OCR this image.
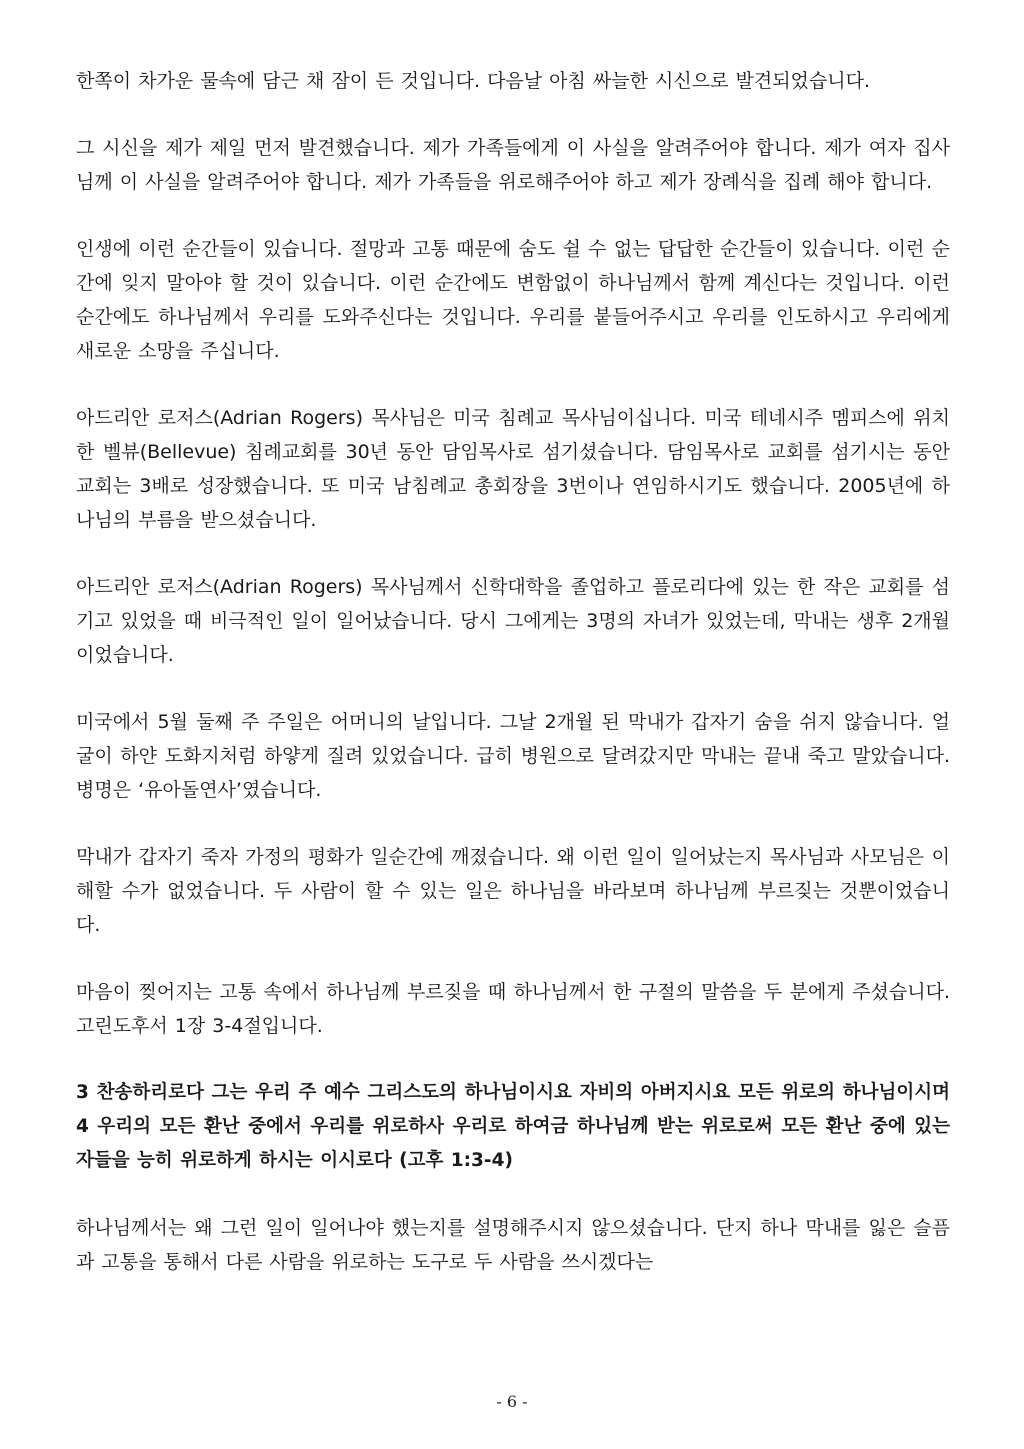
한쪽이 차가운 물속에 담근 채 잠이 든 것입니다. 다음날 아침 싸늘한 시신으로 발견되었습니다.

그 시신을 제가 제일 먼저 발견했습니다. 제가 가족들에게 이 사실을 알려주어야 합니다. 제가 여자 집사님께 이 사실을 알려주어야 합니다. 제가 가족들을 위로해주어야 하고 제가 장례식을 집례 해야 합니다.

인생에 이런 순간들이 있습니다. 절망과 고통 때문에 숨도 쉴 수 없는 답답한 순간들이 있습니다. 이런 순간에 잊지 말아야 할 것이 있습니다. 이런 순간에도 변함없이 하나님께서 함께 계신다는 것입니다. 이런 순간에도 하나님께서 우리를 도와주신다는 것입니다. 우리를 붙들어주시고 우리를 인도하시고 우리에게 새로운 소망을 주십니다.

아드리안 로저스(Adrian Rogers) 목사님은 미국 침례교 목사님이십니다. 미국 테네시주 멤피스에 위치한 벨뷰(Bellevue) 침례교회를 30년 동안 담임목사로 섬기셨습니다. 담임목사로 교회를 섬기시는 동안 교회는 3배로 성장했습니다. 또 미국 남침례교 총회장을 3번이나 연임하시기도 했습니다. 2005년에 하나님의 부름을 받으셨습니다.

아드리안 로저스(Adrian Rogers) 목사님께서 신학대학을 졸업하고 플로리다에 있는 한 작은 교회를 섬기고 있었을 때 비극적인 일이 일어났습니다. 당시 그에게는 3명의 자녀가 있었는데, 막내는 생후 2개월이었습니다.

미국에서 5월 둘째 주 주일은 어머니의 날입니다. 그날 2개월 된 막내가 갑자기 숨을 쉬지 않습니다. 얼굴이 하얀 도화지처럼 하얗게 질려 있었습니다. 급히 병원으로 달려갔지만 막내는 끝내 죽고 말았습니다. 병명은 ‘유아돌연사’였습니다.

막내가 갑자기 죽자 가정의 평화가 일순간에 깨졌습니다. 왜 이런 일이 일어났는지 목사님과 사모님은 이해할 수가 없었습니다. 두 사람이 할 수 있는 일은 하나님을 바라보며 하나님께 부르짖는 것뿐이었습니다.

마음이 찢어지는 고통 속에서 하나님께 부르짖을 때 하나님께서 한 구절의 말씀을 두 분에게 주셨습니다. 고린도후서 1장 3-4절입니다.

3 찬송하리로다 그는 우리 주 예수 그리스도의 하나님이시요 자비의 아버지시요 모든 위로의 하나님이시며 4 우리의 모든 환난 중에서 우리를 위로하사 우리로 하여금 하나님께 받는 위로로써 모든 환난 중에 있는 자들을 능히 위로하게 하시는 이시로다 (고후 1:3-4)

하나님께서는 왜 그런 일이 일어나야 했는지를 설명해주시지 않으셨습니다. 단지 하나 막내를 잃은 슬픔과 고통을 통해서 다른 사람을 위로하는 도구로 두 사람을 쓰시겠다는

- 6 -
